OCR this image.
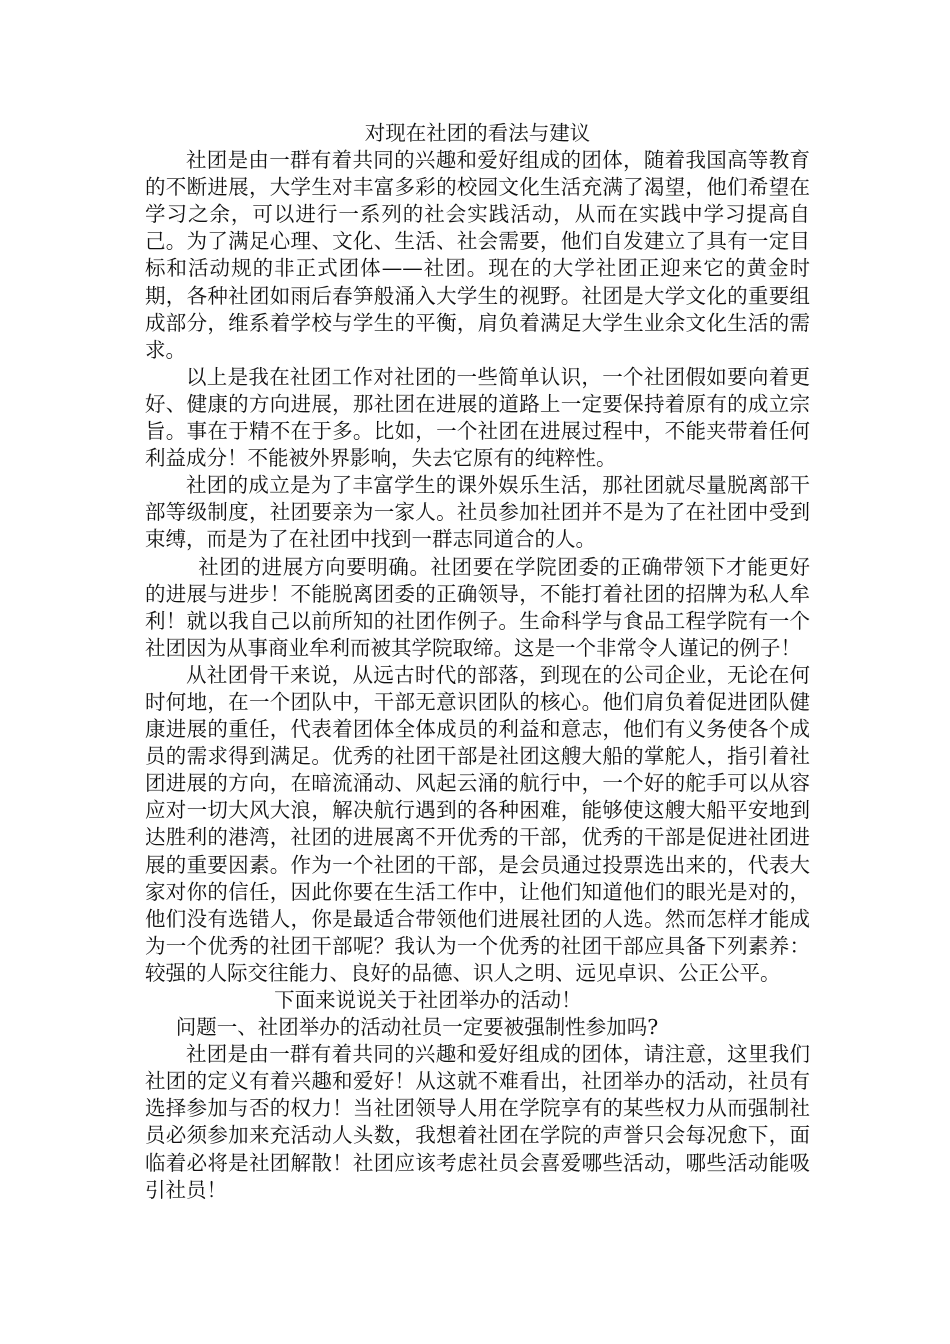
对现在社团的看法与建议

社团是由一群有着共同的兴趣和爱好组成的团体，随着我国高等教育的不断进展，大学生对丰富多彩的校园文化生活充满了渴望，他们希望在学习之余，可以进行一系列的社会实践活动，从而在实践中学习提高自己。为了满足心理、文化、生活、社会需要，他们自发建立了具有一定目标和活动规的非正式团体——社团。现在的大学社团正迎来它的黄金时期，各种社团如雨后春笋般涌入大学生的视野。社团是大学文化的重要组成部分，维系着学校与学生的平衡，肩负着满足大学生业余文化生活的需求。

以上是我在社团工作对社团的一些简单认识，一个社团假如要向着更好、健康的方向进展，那社团在进展的道路上一定要保持着原有的成立宗旨。事在于精不在于多。比如，一个社团在进展过程中，不能夹带着任何利益成分！不能被外界影响，失去它原有的纯粹性。

社团的成立是为了丰富学生的课外娱乐生活，那社团就尽量脱离部干部等级制度，社团要亲为一家人。社员参加社团并不是为了在社团中受到束缚，而是为了在社团中找到一群志同道合的人。

社团的进展方向要明确。社团要在学院团委的正确带领下才能更好的进展与进步！不能脱离团委的正确领导，不能打着社团的招牌为私人牟利！就以我自己以前所知的社团作例子。生命科学与食品工程学院有一个社团因为从事商业牟利而被其学院取缔。这是一个非常令人谨记的例子！

从社团骨干来说，从远古时代的部落，到现在的公司企业，无论在何时何地，在一个团队中，干部无意识团队的核心。他们肩负着促进团队健康进展的重任，代表着团体全体成员的利益和意志，他们有义务使各个成员的需求得到满足。优秀的社团干部是社团这艘大船的掌舵人，指引着社团进展的方向，在暗流涌动、风起云涌的航行中，一个好的舵手可以从容应对一切大风大浪，解决航行遇到的各种困难，能够使这艘大船平安地到达胜利的港湾，社团的进展离不开优秀的干部，优秀的干部是促进社团进展的重要因素。作为一个社团的干部，是会员通过投票选出来的，代表大家对你的信任，因此你要在生活工作中，让他们知道他们的眼光是对的，他们没有选错人，你是最适合带领他们进展社团的人选。然而怎样才能成为一个优秀的社团干部呢？我认为一个优秀的社团干部应具备下列素养：较强的人际交往能力、良好的品德、识人之明、远见卓识、公正公平。

下面来说说关于社团举办的活动！

问题一、社团举办的活动社员一定要被强制性参加吗?

社团是由一群有着共同的兴趣和爱好组成的团体，请注意，这里我们社团的定义有着兴趣和爱好！从这就不难看出，社团举办的活动，社员有选择参加与否的权力！当社团领导人用在学院享有的某些权力从而强制社员必须参加来充活动人头数，我想着社团在学院的声誉只会每况愈下，面临着必将是社团解散！社团应该考虑社员会喜爱哪些活动，哪些活动能吸引社员！
